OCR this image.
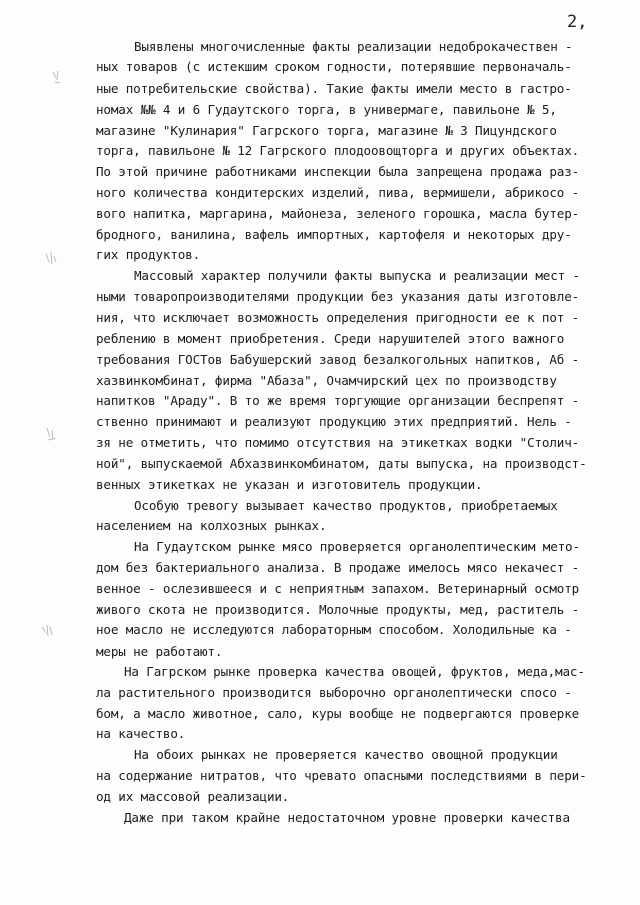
2,
Выявлены многочисленные факты реализации недоброкачествен -
ных товаров (с истекшим сроком годности, потерявшие первоначаль-
ные потребительские свойства). Такие факты имели место в гастро-
номах №№ 4 и 6 Гудаутского торга, в универмаге, павильоне № 5,
магазине "Кулинария" Гагрского торга, магазине № 3 Пицундского
торга, павильоне № 12 Гагрского плодоовощторга и других объектах.
По этой причине работниками инспекции была запрещена продажа раз-
ного количества кондитерских изделий, пива, вермишели, абрикосо -
вого напитка, маргарина, майонеза, зеленого горошка, масла бутер-
бродного, ванилина, вафель импортных, картофеля и некоторых дру-
гих продуктов.
Массовый характер получили факты выпуска и реализации мест -
ными товаропроизводителями продукции без указания даты изготовле-
ния, что исключает возможность определения пригодности ее к пот -
реблению в момент приобретения. Среди нарушителей этого важного
требования ГОСТов Бабушерский завод безалкогольных напитков, Аб -
хазвинкомбинат, фирма "Абаза", Очамчирский цех по производству
напитков "Араду". В то же время торгующие организации беспрепят -
ственно принимают и реализуют продукцию этих предприятий. Нель -
зя не отметить, что помимо отсутствия на этикетках водки "Столич-
ной", выпускаемой Абхазвинкомбинатом, даты выпуска, на производст-
венных этикетках не указан и изготовитель продукции.
Особую тревогу вызывает качество продуктов, приобретаемых
населением на колхозных рынках.
На Гудаутском рынке мясо проверяется органолептическим мето-
дом без бактериального анализа. В продаже имелось мясо некачест -
венное - ослезившееся и с неприятным запахом. Ветеринарный осмотр
живого скота не производится. Молочные продукты, мед, раститель -
ное масло не исследуются лабораторным способом. Холодильные ка -
меры не работают.
На Гагрском рынке проверка качества овощей, фруктов, меда,мас-
ла растительного производится выборочно органолептически спосо -
бом, а масло животное, сало, куры вообще не подвергаются проверке
на качество.
На обоих рынках не проверяется качество овощной продукции
на содержание нитратов, что чревато опасными последствиями в пери-
од их массовой реализации.
Даже при таком крайне недостаточном уровне проверки качества
